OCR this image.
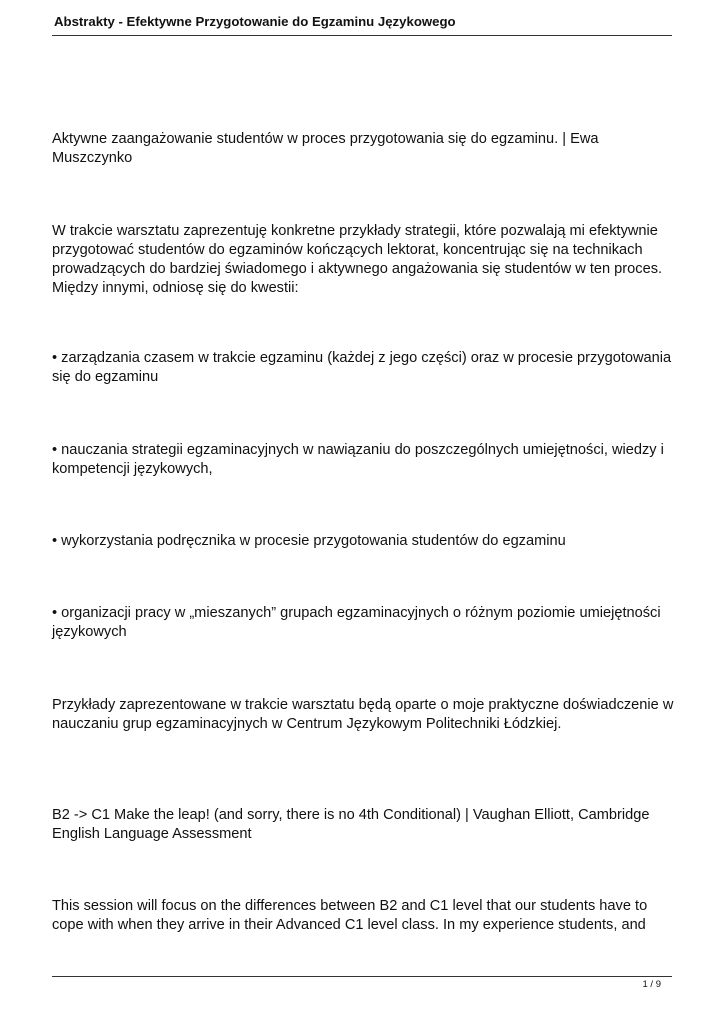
Abstrakty - Efektywne Przygotowanie do Egzaminu Językowego

Aktywne zaangażowanie studentów w proces przygotowania się do egzaminu. | Ewa Muszczynko

W trakcie warsztatu zaprezentuję konkretne przykłady strategii, które pozwalają mi efektywnie przygotować studentów do egzaminów kończących lektorat, koncentrując się na technikach prowadzących do bardziej świadomego i aktywnego angażowania się studentów w ten proces. Między innymi, odniosę się do kwestii:

• zarządzania czasem w trakcie egzaminu (każdej z jego części) oraz w procesie przygotowania się do egzaminu

• nauczania strategii egzaminacyjnych w nawiązaniu do poszczególnych umiejętności, wiedzy i kompetencji językowych,

• wykorzystania podręcznika w procesie przygotowania studentów do egzaminu

• organizacji pracy w „mieszanych” grupach egzaminacyjnych o różnym poziomie umiejętności językowych

Przykłady zaprezentowane w trakcie warsztatu będą oparte o moje praktyczne doświadczenie w nauczaniu grup egzaminacyjnych w Centrum Językowym Politechniki Łódzkiej.

B2 -> C1 Make the leap! (and sorry, there is no 4th Conditional) | Vaughan Elliott, Cambridge English Language Assessment

This session will focus on the differences between B2 and C1 level that our students have to cope with when they arrive in their Advanced C1 level class. In my experience students, and

1 / 9
